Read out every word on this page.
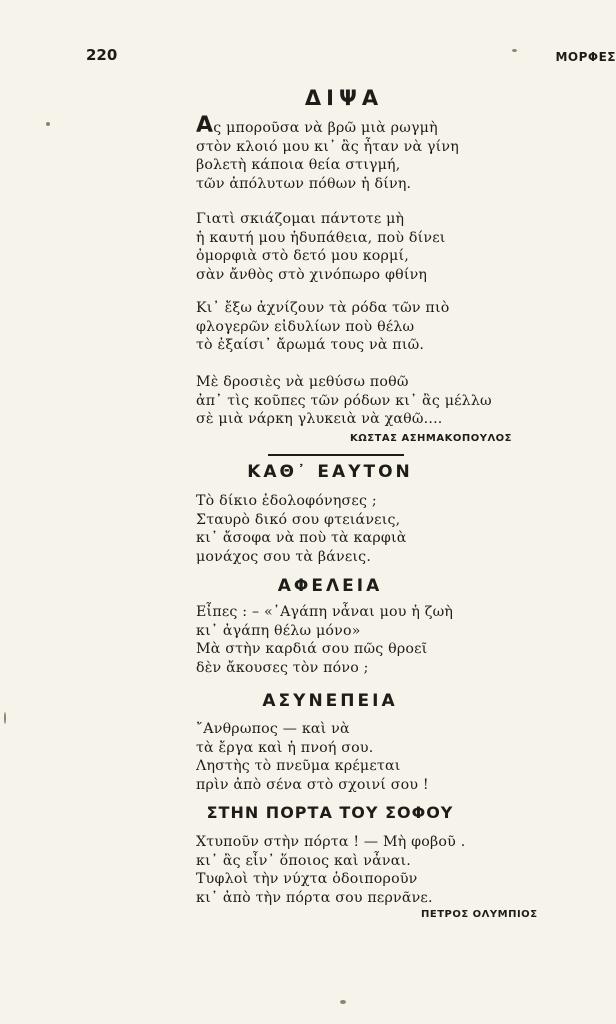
220	ΜΟΡΦΕΣ
ΔΙΨΑ
Ας μποροῦσα νὰ βρῶ μιὰ ρωγμὴ
στὸν κλοιό μου κι᾽ ἂς ἦταν νὰ γίνη
βολετὴ κάποια θεία στιγμή,
τῶν ἀπόλυτων πόθων ἡ δίνη.
Γιατὶ σκιάζομαι πάντοτε μὴ
ἡ καυτή μου ἡδυπάθεια, ποὺ δίνει
ὀμορφιὰ στὸ δετό μου κορμί,
σὰν ἄνθὸς στὸ χινόπωρο φθίνη
Κι᾽ ἔξω ἀχνίζουν τὰ ρόδα τῶν πιὸ
φλογερῶν εἰδυλίων ποὺ θέλω
τὸ ἐξαίσι᾽ ἄρωμά τους νὰ πιῶ.
Μὲ δροσιὲς νὰ μεθύσω ποθῶ
ἀπ᾽ τὶς κοῦπες τῶν ρόδων κι᾽ ἂς μέλλω
σὲ μιὰ νάρκη γλυκειὰ νὰ χαθῶ....
ΚΩΣΤΑΣ ΑΣΗΜΑΚΟΠΟΥΛΟΣ
ΚΑΘ᾽ ΕΑΥΤΟΝ
Τὸ δίκιο ἐδολοφόνησες ;
Σταυρὸ δικό σου φτειάνεις,
κι᾽ ἄσοφα νὰ ποὺ τὰ καρφιὰ
μονάχος σου τὰ βάνεις.
ΑΦΕΛΕΙΑ
Εἶπες : – «᾽Αγάπη νἆναι μου ἡ ζωὴ
κι᾽ ἀγάπη θέλω μόνο»
Μὰ στὴν καρδιά σου πῶς θροεῖ
δὲν ἄκουσες τὸν πόνο ;
ΑΣΥΝΕΠΕΙΑ
῎Ανθρωπος — καὶ νὰ
τὰ ἔργα καὶ ἡ πνοή σου.
Ληστὴς τὸ πνεῦμα κρέμεται
πρὶν ἀπὸ σένα στὸ σχοινί σου !
ΣΤΗΝ ΠΟΡΤΑ ΤΟΥ ΣΟΦΟΥ
Χτυποῦν στὴν πόρτα ! — Μὴ φοβοῦ .
κι᾽ ἂς εἶν᾽ ὅποιος καὶ νἆναι.
Τυφλοὶ τὴν νύχτα ὁδοιποροῦν
κι᾽ ἀπὸ τὴν πόρτα σου περνᾶνε.
ΠΕΤΡΟΣ ΟΛΥΜΠΙΟΣ
